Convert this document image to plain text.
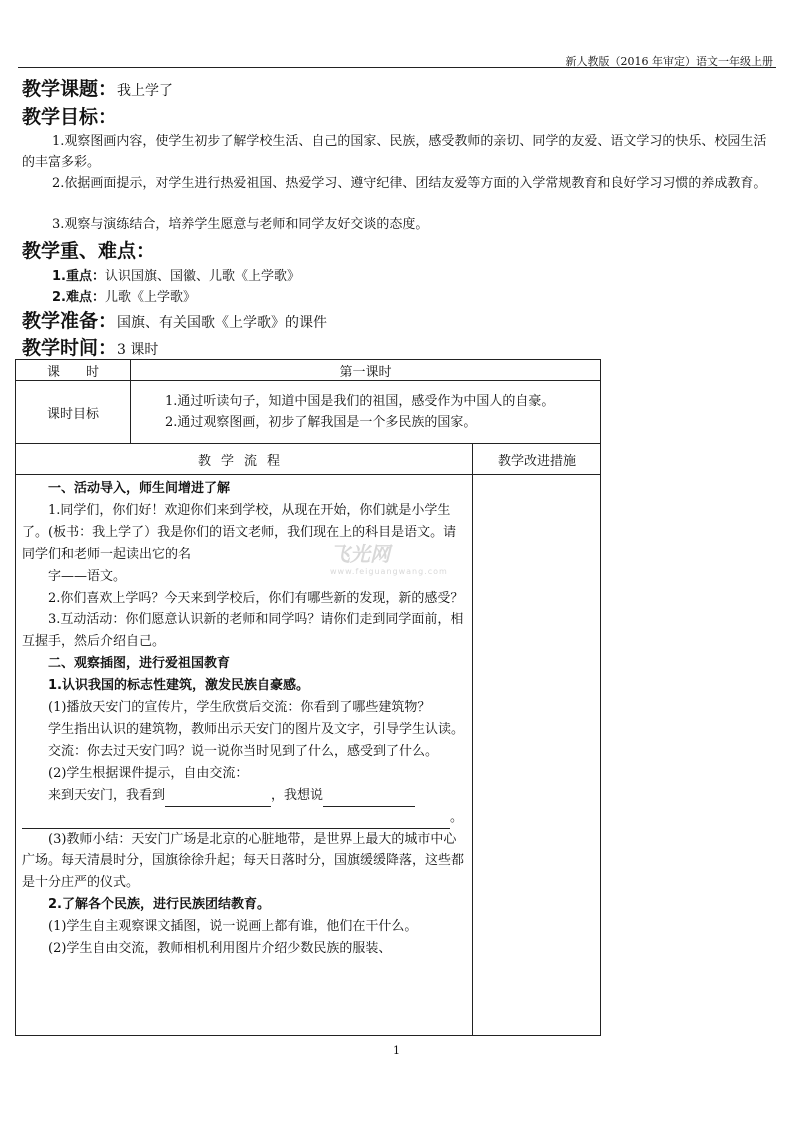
新人教版（2016 年审定）语文一年级上册
教学课题：我上学了
教学目标：
1.观察图画内容，使学生初步了解学校生活、自己的国家、民族，感受教师的亲切、同学的友爱、语文学习的快乐、校园生活的丰富多彩。
2.依据画面提示，对学生进行热爱祖国、热爱学习、遵守纪律、团结友爱等方面的入学常规教育和良好学习习惯的养成教育。
3.观察与演练结合，培养学生愿意与老师和同学友好交谈的态度。
教学重、难点：
1.重点：认识国旗、国徽、儿歌《上学歌》
2.难点：儿歌《上学歌》
教学准备：国旗、有关国歌《上学歌》的课件
教学时间：3 课时
课　　时	第一课时
课时目标	1.通过听读句子，知道中国是我们的祖国，感受作为中国人的自豪。
2.通过观察图画，初步了解我国是一个多民族的国家。
教学流程	教学改进措施

一、活动导入，师生间增进了解

1.同学们，你们好！欢迎你们来到学校，从现在开始，你们就是小学生了。(板书：我上学了）我是你们的语文老师，我们现在上的科目是语文。请同学们和老师一起读出它的名

字——语文。

2.你们喜欢上学吗？今天来到学校后，你们有哪些新的发现，新的感受？

3.互动活动：你们愿意认识新的老师和同学吗？请你们走到同学面前，相互握手，然后介绍自己。

二、观察插图，进行爱祖国教育

1.认识我国的标志性建筑，激发民族自豪感。

(1)播放天安门的宣传片，学生欣赏后交流：你看到了哪些建筑物？

学生指出认识的建筑物，教师出示天安门的图片及文字，引导学生认读。

交流：你去过天安门吗？说一说你当时见到了什么，感受到了什么。

(2)学生根据课件提示，自由交流：

来到天安门，我看到	，我想说

。

(3)教师小结：天安门广场是北京的心脏地带，是世界上最大的城市中心广场。每天清晨时分，国旗徐徐升起；每天日落时分，国旗缓缓降落，这些都是十分庄严的仪式。

2.了解各个民族，进行民族团结教育。

(1)学生自主观察课文插图，说一说画上都有谁，他们在干什么。

(2)学生自由交流，教师相机利用图片介绍少数民族的服装、

飞光网
www.feiguangwang.com
1
